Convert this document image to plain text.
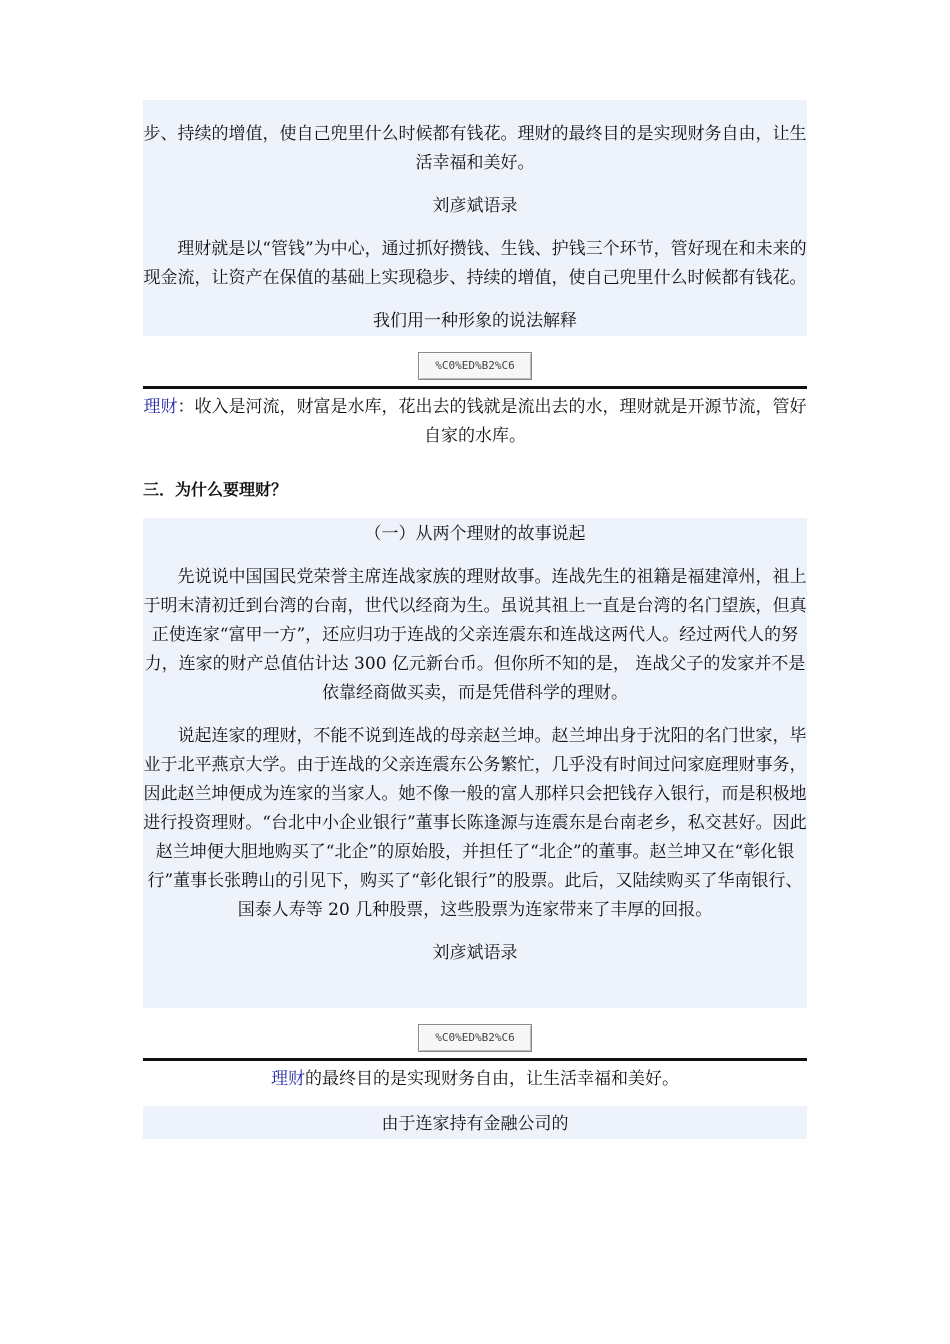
步、持续的增值，使自己兜里什么时候都有钱花。理财的最终目的是实现财务自由，让生活幸福和美好。

刘彦斌语录

理财就是以“管钱”为中心，通过抓好攒钱、生钱、护钱三个环节，管好现在和未来的现金流，让资产在保值的基础上实现稳步、持续的增值，使自己兜里什么时候都有钱花。

我们用一种形象的说法解释

%C0%ED%B2%C6

理财：收入是河流，财富是水库，花出去的钱就是流出去的水，理财就是开源节流，管好自家的水库。

三．为什么要理财？

（一）从两个理财的故事说起

先说说中国国民党荣誉主席连战家族的理财故事。连战先生的祖籍是福建漳州，祖上于明末清初迁到台湾的台南，世代以经商为生。虽说其祖上一直是台湾的名门望族，但真正使连家“富甲一方”，还应归功于连战的父亲连震东和连战这两代人。经过两代人的努力，连家的财产总值估计达 300 亿元新台币。但你所不知的是， 连战父子的发家并不是依靠经商做买卖，而是凭借科学的理财。

说起连家的理财，不能不说到连战的母亲赵兰坤。赵兰坤出身于沈阳的名门世家，毕业于北平燕京大学。由于连战的父亲连震东公务繁忙，几乎没有时间过问家庭理财事务，因此赵兰坤便成为连家的当家人。她不像一般的富人那样只会把钱存入银行，而是积极地进行投资理财。“台北中小企业银行”董事长陈逢源与连震东是台南老乡，私交甚好。因此赵兰坤便大胆地购买了“北企”的原始股，并担任了“北企”的董事。赵兰坤又在“彰化银行”董事长张聘山的引见下，购买了“彰化银行”的股票。此后，又陆续购买了华南银行、国泰人寿等 20 几种股票，这些股票为连家带来了丰厚的回报。

刘彦斌语录

%C0%ED%B2%C6

理财的最终目的是实现财务自由，让生活幸福和美好。

由于连家持有金融公司的
